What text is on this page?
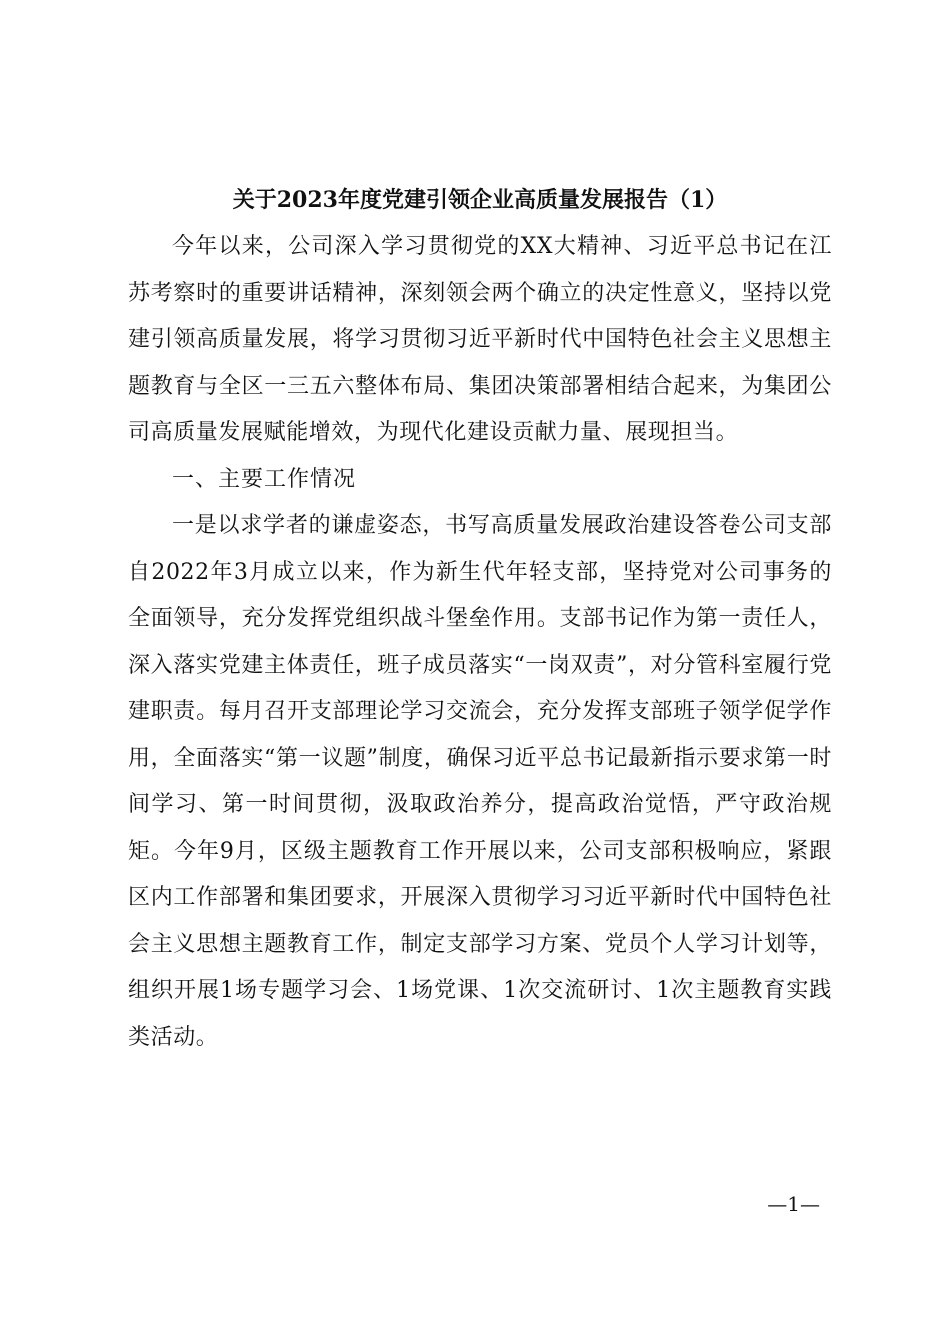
关于2023年度党建引领企业高质量发展报告（1）

今年以来，公司深入学习贯彻党的XX大精神、习近平总书记在江苏考察时的重要讲话精神，深刻领会两个确立的决定性意义，坚持以党建引领高质量发展，将学习贯彻习近平新时代中国特色社会主义思想主题教育与全区一三五六整体布局、集团决策部署相结合起来，为集团公司高质量发展赋能增效，为现代化建设贡献力量、展现担当。

一、主要工作情况

一是以求学者的谦虚姿态，书写高质量发展政治建设答卷公司支部自2022年3月成立以来，作为新生代年轻支部，坚持党对公司事务的全面领导，充分发挥党组织战斗堡垒作用。支部书记作为第一责任人，深入落实党建主体责任，班子成员落实“一岗双责”，对分管科室履行党建职责。每月召开支部理论学习交流会，充分发挥支部班子领学促学作用，全面落实“第一议题”制度，确保习近平总书记最新指示要求第一时间学习、第一时间贯彻，汲取政治养分，提高政治觉悟，严守政治规矩。今年9月，区级主题教育工作开展以来，公司支部积极响应，紧跟区内工作部署和集团要求，开展深入贯彻学习习近平新时代中国特色社会主义思想主题教育工作，制定支部学习方案、党员个人学习计划等，组织开展1场专题学习会、1场党课、1次交流研讨、1次主题教育实践类活动。

—1—
